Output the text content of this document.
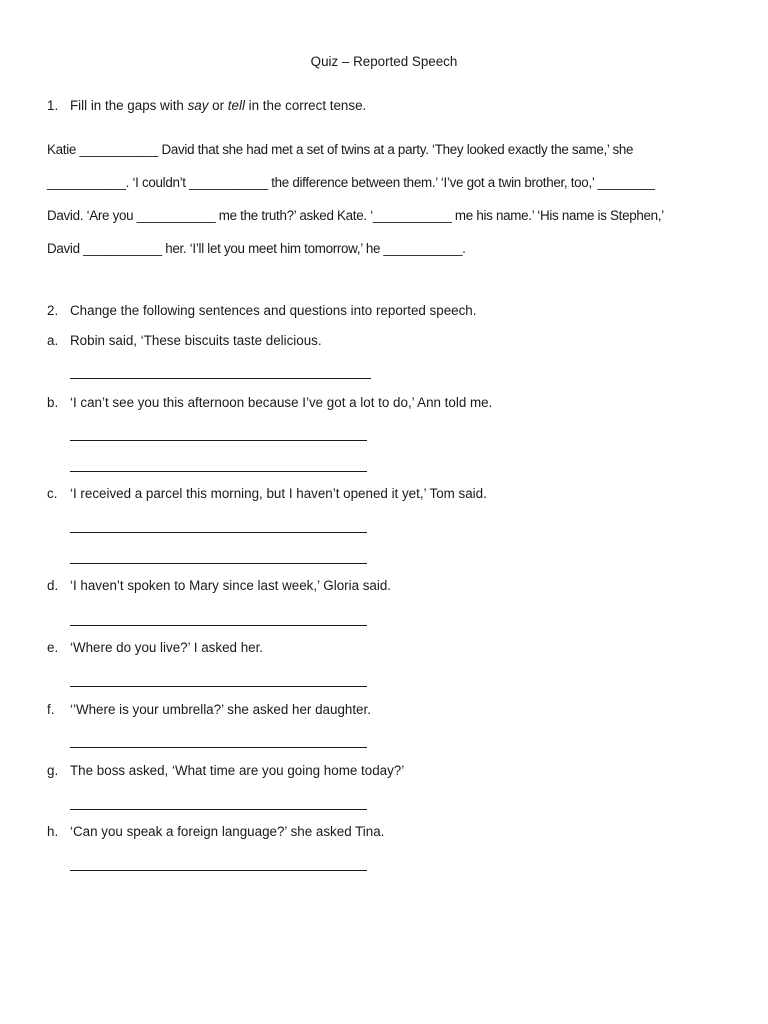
Quiz – Reported Speech
1. Fill in the gaps with say or tell in the correct tense.
Katie ___________ David that she had met a set of twins at a party. ‘They looked exactly the same,’ she
___________. ‘I couldn’t ___________ the difference between them.’ ‘I’ve got a twin brother, too,’ ________
David. ‘Are you ___________ me the truth?’ asked Kate. ‘___________ me his name.’ ‘His name is Stephen,’
David ___________ her. ‘I’ll let you meet him tomorrow,’ he ___________.
2. Change the following sentences and questions into reported speech.
a. Robin said, ‘These biscuits taste delicious.
b. ‘I can’t see you this afternoon because I’ve got a lot to do,’ Ann told me.
c. ‘I received a parcel this morning, but I haven’t opened it yet,’ Tom said.
d. ‘I haven’t spoken to Mary since last week,’ Gloria said.
e. ‘Where do you live?’ I asked her.
f. ‘’Where is your umbrella?’ she asked her daughter.
g. The boss asked, ‘What time are you going home today?’
h. ‘Can you speak a foreign language?’ she asked Tina.
